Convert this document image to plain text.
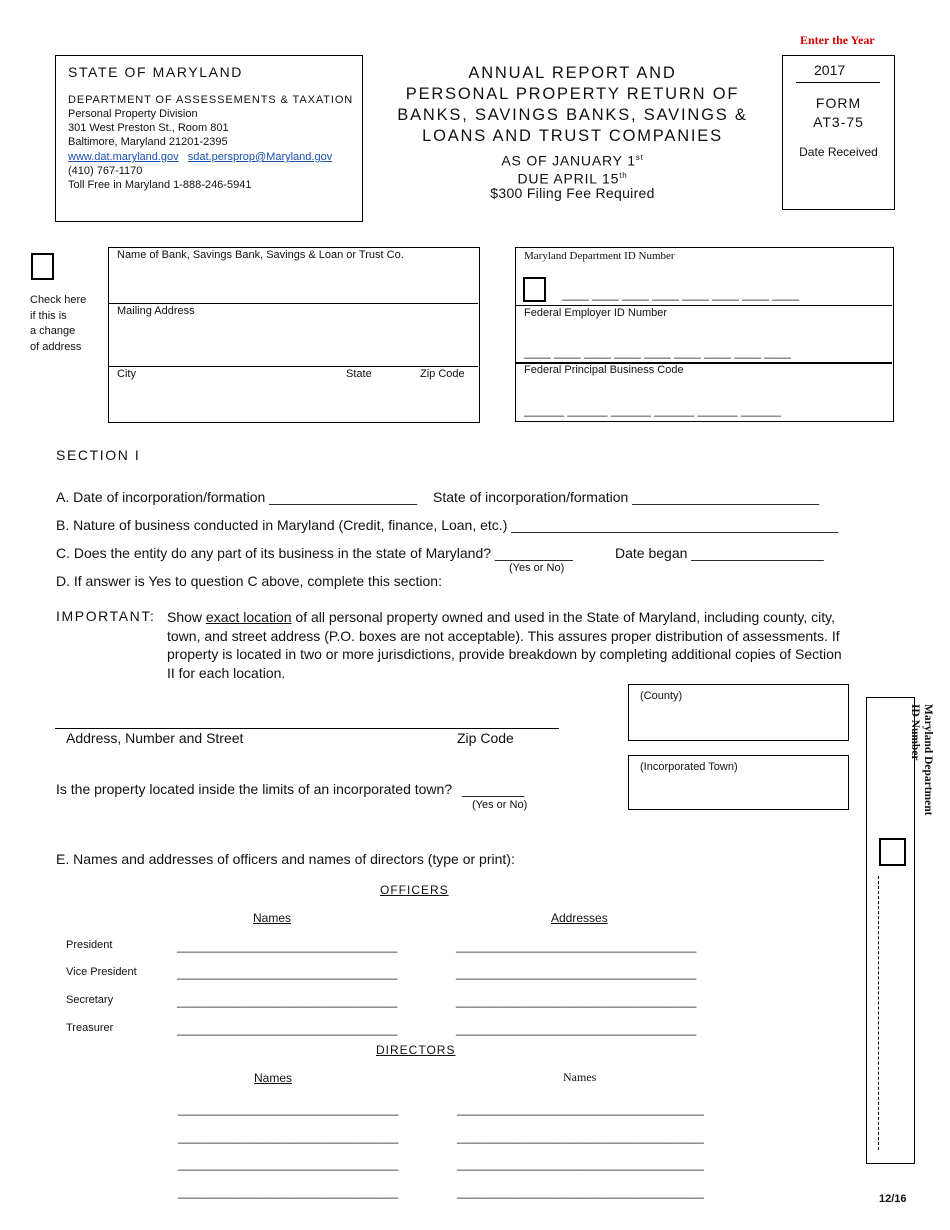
Enter the Year
2017
STATE OF MARYLAND
DEPARTMENT OF ASSESSEMENTS & TAXATION
Personal Property Division
301 West Preston St., Room 801
Baltimore, Maryland 21201-2395
www.dat.maryland.gov sdat.persprop@Maryland.gov
(410) 767-1170
Toll Free in Maryland 1-888-246-5941
ANNUAL REPORT AND
PERSONAL PROPERTY RETURN OF
BANKS, SAVINGS BANKS, SAVINGS &
LOANS AND TRUST COMPANIES
AS OF JANUARY 1st
DUE APRIL 15th
$300 Filing Fee Required
FORM
AT3-75
Date Received
Check here
if this is
a change
of address
Name of Bank, Savings Bank, Savings & Loan or Trust Co.
Mailing Address
City	State	Zip Code
Maryland Department ID Number
____ ____ ____ ____ ____ ____ ____ ____
Federal Employer ID Number
____ ____ ____ ____ ____ ____ ____ ____ ____
Federal Principal Business Code
______ ______ ______ ______ ______ ______
SECTION I
A. Date of incorporation/formation ___________________ State of incorporation/formation ________________________
B. Nature of business conducted in Maryland (Credit, finance, Loan, etc.) __________________________________________
C. Does the entity do any part of its business in the state of Maryland? __________
(Yes or No)
Date began _________________
D. If answer is Yes to question C above, complete this section:
IMPORTANT: Show exact location of all personal property owned and used in the State of Maryland, including county, city,
town, and street address (P.O. boxes are not acceptable). This assures proper distribution of assessments. If
property is located in two or more jurisdictions, provide breakdown by completing additional copies of Section
II for each location.
Address, Number and Street	Zip Code
(County)
(Incorporated Town)
Is the property located inside the limits of an incorporated town? ________
(Yes or No)	Maryland Department
ID Number
E. Names and addresses of officers and names of directors (type or print):
OFFICERS
Names	Addresses
President	_________________________________	____________________________________
Vice President	_________________________________	____________________________________
Secretary	_________________________________	____________________________________
Treasurer	_________________________________	____________________________________
DIRECTORS
Names	Names
_________________________________	_____________________________________
_________________________________	_____________________________________
_________________________________	_____________________________________
_________________________________	_____________________________________	12/16
